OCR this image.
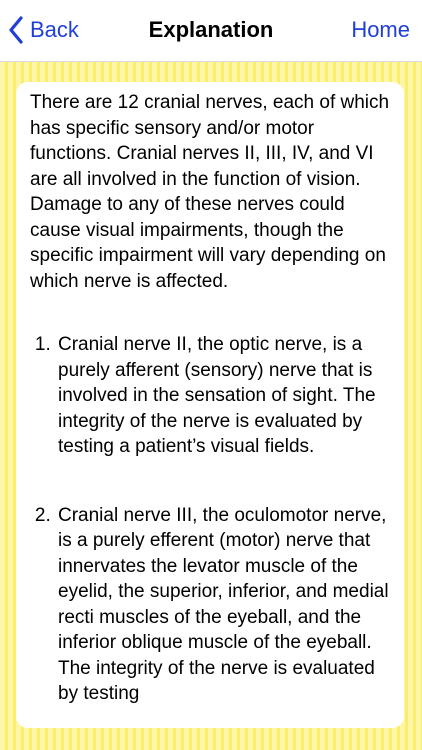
Back	Explanation	Home

There are 12 cranial nerves, each of which has specific sensory and/or motor functions. Cranial nerves II, III, IV, and VI are all involved in the function of vision. Damage to any of these nerves could cause visual impairments, though the specific impairment will vary depending on which nerve is affected.

1. Cranial nerve II, the optic nerve, is a purely afferent (sensory) nerve that is involved in the sensation of sight. The integrity of the nerve is evaluated by testing a patient’s visual fields.
2. Cranial nerve III, the oculomotor nerve, is a purely efferent (motor) nerve that innervates the levator muscle of the eyelid, the superior, inferior, and medial recti muscles of the eyeball, and the inferior oblique muscle of the eyeball. The integrity of the nerve is evaluated by testing
